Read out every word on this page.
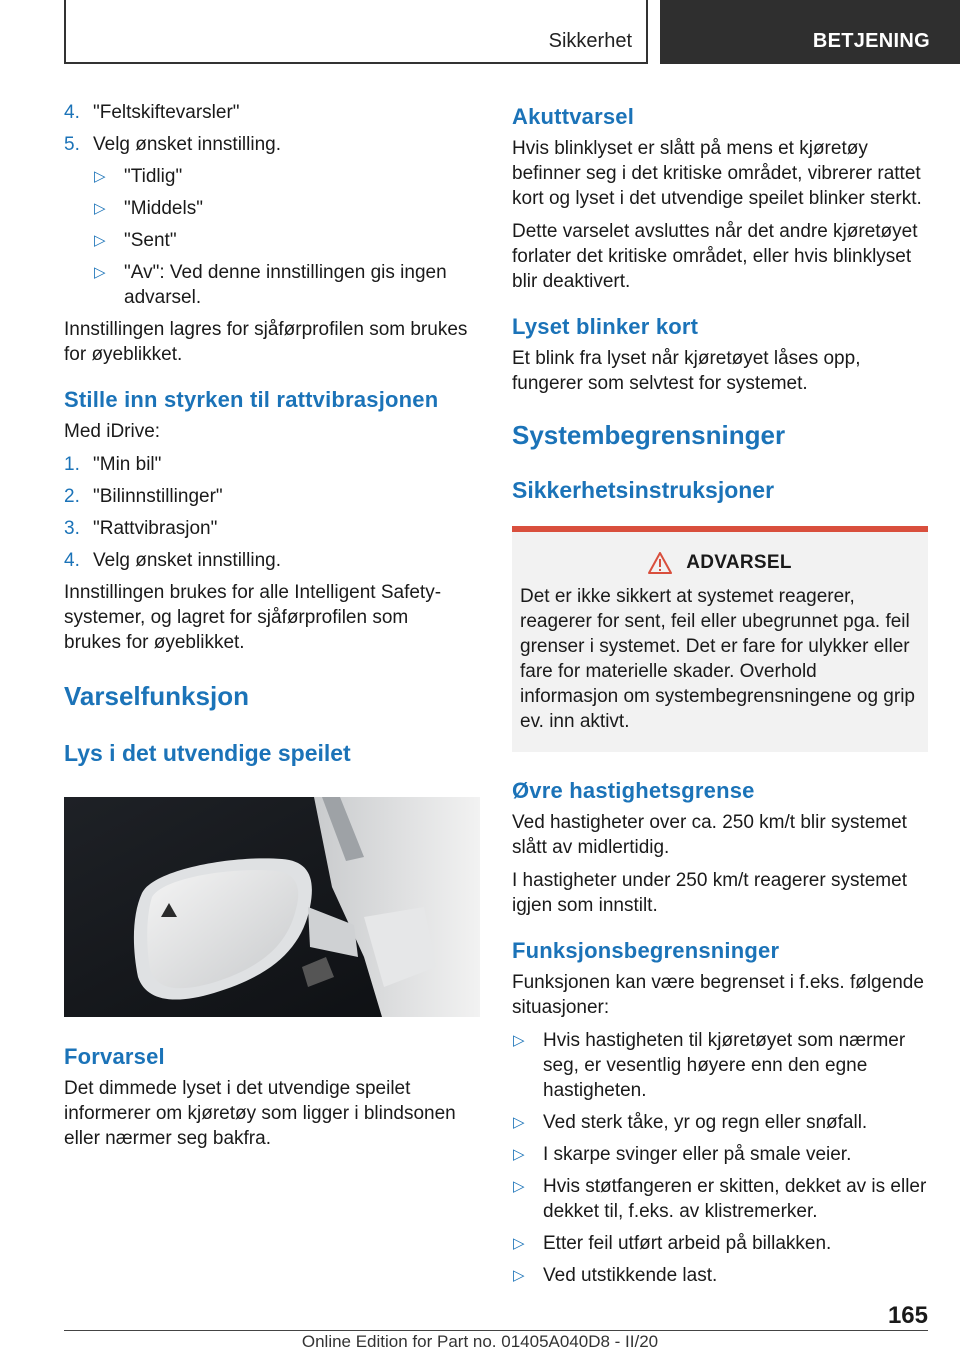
Sikkerhet	BETJENING
4. "Feltskiftevarsler"
5. Velg ønsket innstilling.
▷ "Tidlig"
▷ "Middels"
▷ "Sent"
▷ "Av": Ved denne innstillingen gis ingen advarsel.

Innstillingen lagres for sjåførprofilen som brukes for øyeblikket.

Stille inn styrken til rattvibrasjonen

Med iDrive:

1. "Min bil"
2. "Bilinnstillinger"
3. "Rattvibrasjon"
4. Velg ønsket innstilling.

Innstillingen brukes for alle Intelligent Safety-systemer, og lagret for sjåførprofilen som brukes for øyeblikket.

Varselfunksjon
Lys i det utvendige speilet
Forvarsel

Det dimmede lyset i det utvendige speilet informerer om kjøretøy som ligger i blindsonen eller nærmer seg bakfra.

Akuttvarsel

Hvis blinklyset er slått på mens et kjøretøy befinner seg i det kritiske området, vibrerer rattet kort og lyset i det utvendige speilet blinker sterkt.

Dette varselet avsluttes når det andre kjøretøyet forlater det kritiske området, eller hvis blinklyset blir deaktivert.

Lyset blinker kort

Et blink fra lyset når kjøretøyet låses opp, fungerer som selvtest for systemet.

Systembegrensninger
Sikkerhetsinstruksjoner
ADVARSEL

Det er ikke sikkert at systemet reagerer, reagerer for sent, feil eller ubegrunnet pga. feil grenser i systemet. Det er fare for ulykker eller fare for materielle skader. Overhold informasjon om systembegrensningene og grip ev. inn aktivt.

Øvre hastighetsgrense

Ved hastigheter over ca. 250 km/t blir systemet slått av midlertidig.

I hastigheter under 250 km/t reagerer systemet igjen som innstilt.

Funksjonsbegrensninger

Funksjonen kan være begrenset i f.eks. følgende situasjoner:

▷ Hvis hastigheten til kjøretøyet som nærmer seg, er vesentlig høyere enn den egne hastigheten.
▷ Ved sterk tåke, yr og regn eller snøfall.
▷ I skarpe svinger eller på smale veier.
▷ Hvis støtfangeren er skitten, dekket av is eller dekket til, f.eks. av klistremerker.
▷ Etter feil utført arbeid på billakken.
▷ Ved utstikkende last.
165
Online Edition for Part no. 01405A040D8 - II/20
